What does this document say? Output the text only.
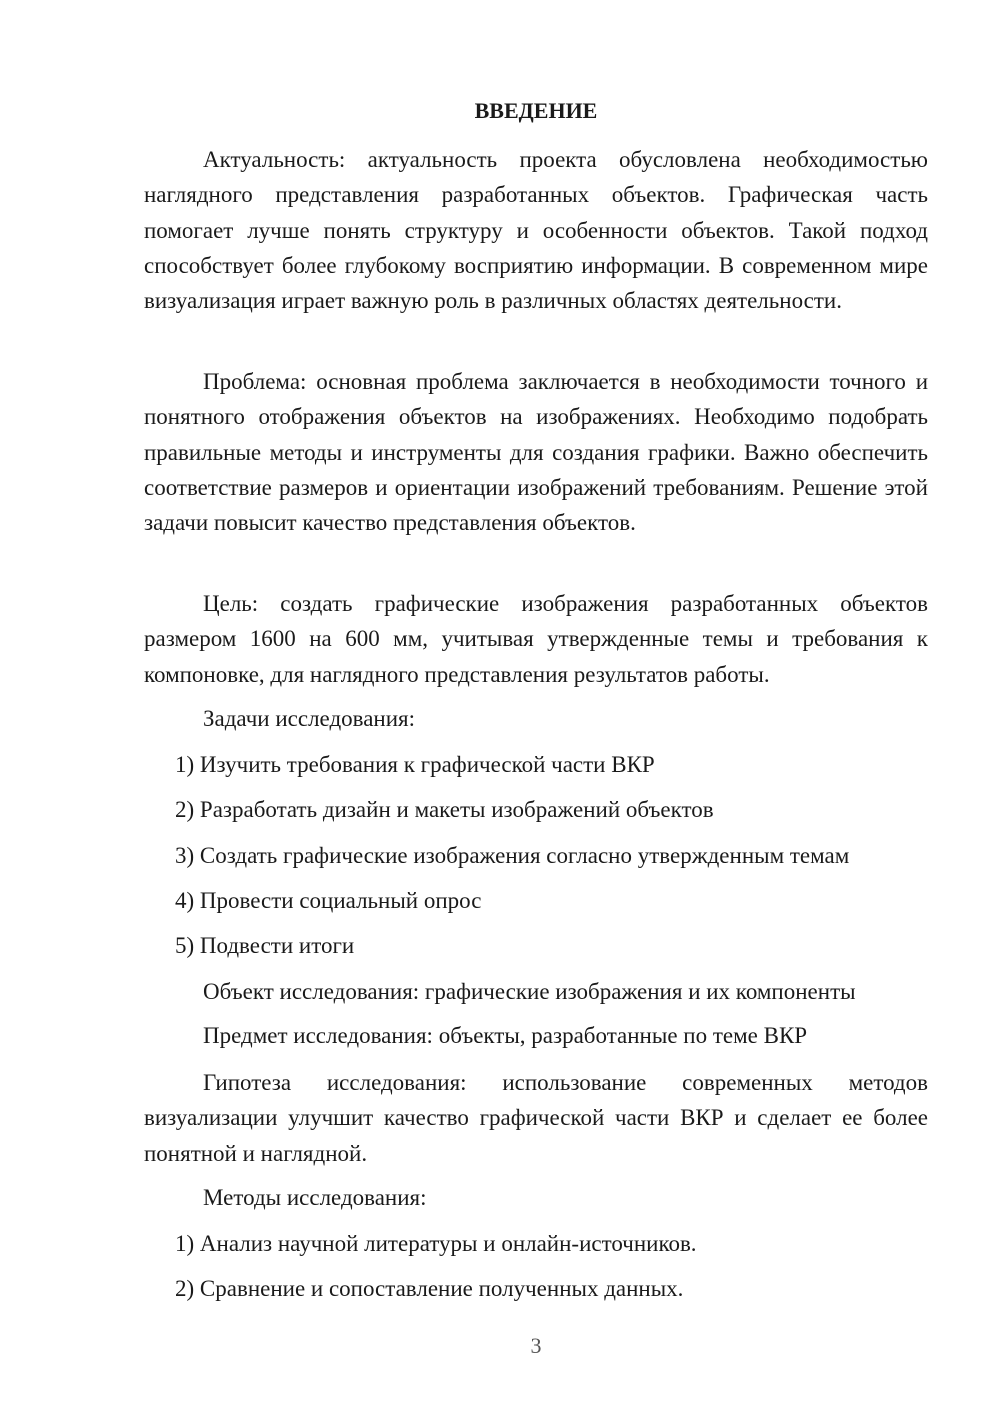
ВВЕДЕНИЕ

Актуальность: актуальность проекта обусловлена необходимостью наглядного представления разработанных объектов. Графическая часть помогает лучше понять структуру и особенности объектов. Такой подход способствует более глубокому восприятию информации. В современном мире визуализация играет важную роль в различных областях деятельности.

Проблема: основная проблема заключается в необходимости точного и понятного отображения объектов на изображениях. Необходимо подобрать правильные методы и инструменты для создания графики. Важно обеспечить соответствие размеров и ориентации изображений требованиям. Решение этой задачи повысит качество представления объектов.

Цель: создать графические изображения разработанных объектов размером 1600 на 600 мм, учитывая утвержденные темы и требования к компоновке, для наглядного представления результатов работы.

Задачи исследования:
1) Изучить требования к графической части ВКР
2) Разработать дизайн и макеты изображений объектов
3) Создать графические изображения согласно утвержденным темам
4) Провести социальный опрос
5) Подвести итоги
Объект исследования: графические изображения и их компоненты
Предмет исследования: объекты, разработанные по теме ВКР

Гипотеза исследования: использование современных методов визуализации улучшит качество графической части ВКР и сделает ее более понятной и наглядной.

Методы исследования:
1) Анализ научной литературы и онлайн-источников.
2) Сравнение и сопоставление полученных данных.
3
